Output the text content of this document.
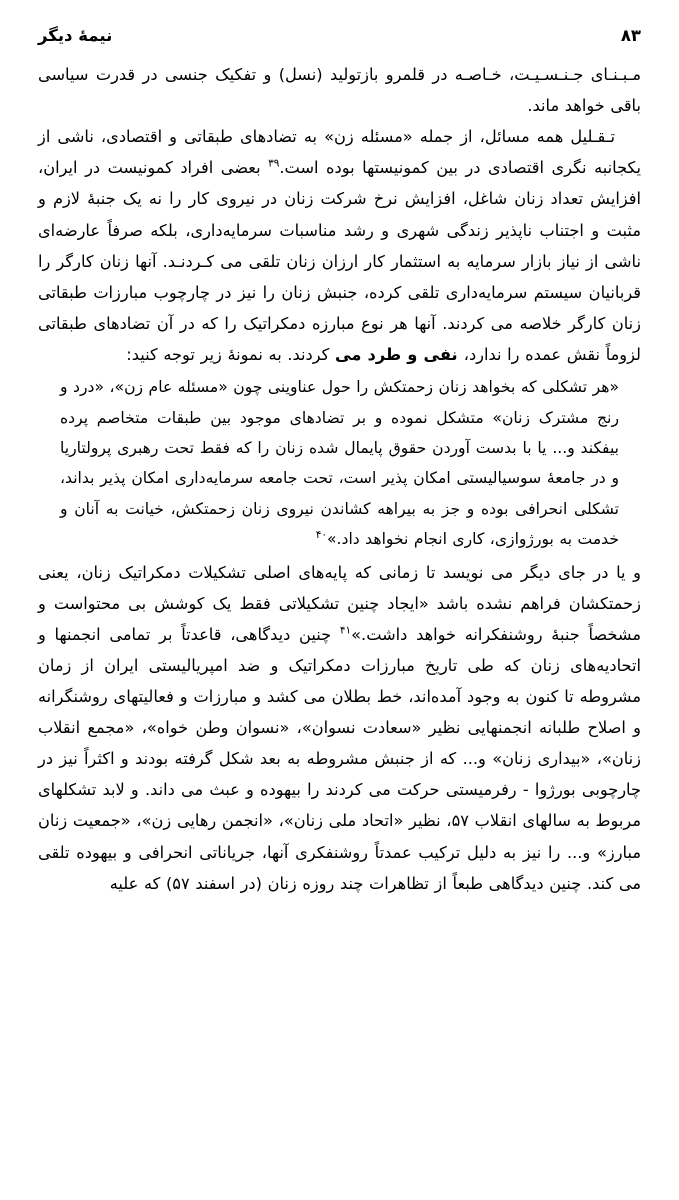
نیمهٔ دیگر	۸۳

مـبـنـای جـنـسـیـت، خـاصـه در قلمرو بازتولید (نسل) و تفکیک جنسی در قدرت سیاسی باقی خواهد ماند.

تـقـلیل همه مسائل، از جمله «مسئله زن» به تضادهای طبقاتی و اقتصادی، ناشی از یکجانبه نگری اقتصادی در بین کمونیستها بوده است.$^{۳۹}$ بعضی افراد کمونیست در ایران، افزایش تعداد زنان شاغل، افزایش نرخ شرکت زنان در نیروی کار را نه یک جنبهٔ لازم و مثبت و اجتناب ناپذیر زندگی شهری و رشد مناسبات سرمایه‌داری، بلکه صرفاً عارضه‌ای ناشی از نیاز بازار سرمایه به استثمار کار ارزان زنان تلقی می کـردنـد. آنها زنان کارگر را قربانیان سیستم سرمایه‌داری تلقی کرده، جنبش زنان را نیز در چارچوب مبارزات طبقاتی زنان کارگر خلاصه می کردند. آنها هر نوع مبارزه دمکراتیک را که در آن تضادهای طبقاتی لزوماً نقش عمده را ندارد، نفی و طرد می کردند. به نمونهٔ زیر توجه کنید:

«هر تشکلی که بخواهد زنان زحمتکش را حول عناوینی چون «مسئله عام زن»، «درد و رنج مشترک زنان» متشکل نموده و بر تضادهای موجود بین طبقات متخاصم پرده بیفکند و... یا با بدست آوردن حقوق پایمال شده زنان را که فقط تحت رهبری پرولتاریا و در جامعهٔ سوسیالیستی امکان پذیر است، تحت جامعه سرمایه‌داری امکان پذیر بداند، تشکلی انحرافی بوده و جز به بیراهه کشاندن نیروی زنان زحمتکش، خیانت به آنان و خدمت به بورژوازی، کاری انجام نخواهد داد.»$^{۴۰}$

و یا در جای دیگر می نویسد تا زمانی که پایه‌های اصلی تشکیلات دمکراتیک زنان، یعنی زحمتکشان فراهم نشده باشد «ایجاد چنین تشکیلاتی فقط یک کوشش بی محتواست و مشخصاً جنبهٔ روشنفکرانه خواهد داشت.»$^{۴۱}$ چنین دیدگاهی، قاعدتاً بر تمامی انجمنها و اتحادیه‌های زنان که طی تاریخ مبارزات دمکراتیک و ضد امپریالیستی ایران از زمان مشروطه تا کنون به وجود آمده‌اند، خط بطلان می کشد و مبارزات و فعالیتهای روشنگرانه و اصلاح طلبانه انجمنهایی نظیر «سعادت نسوان»، «نسوان وطن خواه»، «مجمع انقلاب زنان»، «بیداری زنان» و... که از جنبش مشروطه به بعد شکل گرفته بودند و اکثراً نیز در چارچوبی بورژوا - رفرمیستی حرکت می کردند را بیهوده و عبث می داند. و لابد تشکلهای مربوط به سالهای انقلاب ۵۷، نظیر «اتحاد ملی زنان»، «انجمن رهایی زن»، «جمعیت زنان مبارز» و... را نیز به دلیل ترکیب عمدتاً روشنفکری آنها، جریاناتی انحرافی و بیهوده تلقی می کند. چنین دیدگاهی طبعاً از تظاهرات چند روزه زنان (در اسفند ۵۷) که علیه
